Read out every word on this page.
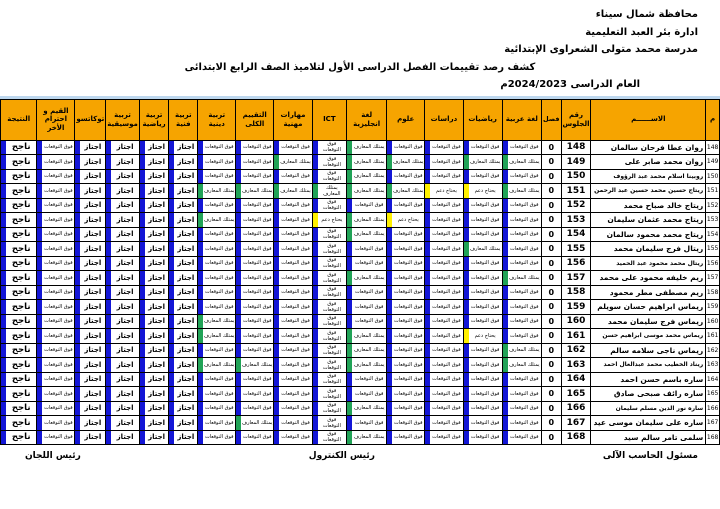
محافظة شمال سيناء
ادارة بئر العبد التعليمية
مدرسة محمد متولى الشعراوى الإبتدائية
كشف رصد تقييمات الفصل الدراسى الأول لتلاميذ الصف الرابع الابتدائى
العام الدراسى 2024/2023م
م	الاســــــم	رقم الجلوس	فصل	لغة عربية	رياضيات	دراسات	علوم	لغة انجليزية	ICT	مهارات مهنية	التقييم الكلى	تربية دينية	تربية فنية	تربية رياضية	تربية موسيقية	توكاتسو	القيم و احترام الأخر	النتيجة
148	روان عطا فرحان سالمان	148	0	فوق التوقعات	فوق التوقعات	فوق التوقعات	فوق التوقعات	يمتلك المعارف	فوق التوقعات	فوق التوقعات	فوق التوقعات	فوق التوقعات	اجتاز	اجتاز	اجتاز	اجتاز	فوق التوقعات	ناجح

149	روان محمد صابر على	149	0	يمتلك المعارف	يمتلك المعارف	فوق التوقعات	يمتلك المعارف	يمتلك المعارف	فوق التوقعات	يمتلك المعارف	فوق التوقعات	فوق التوقعات	اجتاز	اجتاز	اجتاز	اجتاز	فوق التوقعات	ناجح

150	روبينا اسلام محمد عبد الرؤوف	150	0	فوق التوقعات	فوق التوقعات	فوق التوقعات	فوق التوقعات	يمتلك المعارف	فوق التوقعات	فوق التوقعات	فوق التوقعات	فوق التوقعات	اجتاز	اجتاز	اجتاز	اجتاز	فوق التوقعات	ناجح

151	ريتاج حسين محمد حسين عبد الرحمن	151	0	يمتلك المعارف	يحتاج دعم	يحتاج دعم	يمتلك المعارف	يمتلك المعارف	يمتلك المعارف	يمتلك المعارف	يمتلك المعارف	يمتلك المعارف	اجتاز	اجتاز	اجتاز	اجتاز	فوق التوقعات	ناجح

152	ريتاج خالد صباح محمد	152	0	فوق التوقعات	فوق التوقعات	فوق التوقعات	فوق التوقعات	فوق التوقعات	فوق التوقعات	فوق التوقعات	فوق التوقعات	فوق التوقعات	اجتاز	اجتاز	اجتاز	اجتاز	فوق التوقعات	ناجح

153	ريتاج محمد عثمان سليمان	153	0	فوق التوقعات	فوق التوقعات	فوق التوقعات	يحتاج دعم	يمتلك المعارف	يحتاج دعم	فوق التوقعات	فوق التوقعات	يمتلك المعارف	اجتاز	اجتاز	اجتاز	اجتاز	فوق التوقعات	ناجح

154	ريتاج محمد محمود سالمان	154	0	فوق التوقعات	فوق التوقعات	فوق التوقعات	فوق التوقعات	يمتلك المعارف	فوق التوقعات	فوق التوقعات	فوق التوقعات	فوق التوقعات	اجتاز	اجتاز	اجتاز	اجتاز	فوق التوقعات	ناجح

155	ريتال فرج سليمان محمد	155	0	فوق التوقعات	يمتلك المعارف	فوق التوقعات	فوق التوقعات	فوق التوقعات	فوق التوقعات	فوق التوقعات	فوق التوقعات	فوق التوقعات	اجتاز	اجتاز	اجتاز	اجتاز	فوق التوقعات	ناجح

156	ريتال محمد محمود عبد الحميد	156	0	فوق التوقعات	فوق التوقعات	فوق التوقعات	فوق التوقعات	فوق التوقعات	فوق التوقعات	فوق التوقعات	فوق التوقعات	فوق التوقعات	اجتاز	اجتاز	اجتاز	اجتاز	فوق التوقعات	ناجح

157	ريم خليفه محمود على محمد	157	0	يمتلك المعارف	فوق التوقعات	فوق التوقعات	فوق التوقعات	يمتلك المعارف	فوق التوقعات	فوق التوقعات	فوق التوقعات	فوق التوقعات	اجتاز	اجتاز	اجتاز	اجتاز	فوق التوقعات	ناجح

158	ريم مصطفى مطر محمود	158	0	فوق التوقعات	فوق التوقعات	فوق التوقعات	فوق التوقعات	فوق التوقعات	فوق التوقعات	فوق التوقعات	فوق التوقعات	فوق التوقعات	اجتاز	اجتاز	اجتاز	اجتاز	فوق التوقعات	ناجح

159	ريماس ابراهيم حسان سويلم	159	0	فوق التوقعات	فوق التوقعات	فوق التوقعات	فوق التوقعات	فوق التوقعات	فوق التوقعات	فوق التوقعات	فوق التوقعات	فوق التوقعات	اجتاز	اجتاز	اجتاز	اجتاز	فوق التوقعات	ناجح

160	ريماس فرج سليمان محمد	160	0	فوق التوقعات	فوق التوقعات	فوق التوقعات	فوق التوقعات	فوق التوقعات	فوق التوقعات	فوق التوقعات	فوق التوقعات	يمتلك المعارف	اجتاز	اجتاز	اجتاز	اجتاز	فوق التوقعات	ناجح

161	ريماس محمد موسى ابراهيم حسن	161	0	فوق التوقعات	يحتاج دعم	فوق التوقعات	فوق التوقعات	يمتلك المعارف	فوق التوقعات	فوق التوقعات	فوق التوقعات	يمتلك المعارف	اجتاز	اجتاز	اجتاز	اجتاز	فوق التوقعات	ناجح

162	ريماس ناجى سلامه سالم	162	0	يمتلك المعارف	فوق التوقعات	فوق التوقعات	فوق التوقعات	يمتلك المعارف	فوق التوقعات	فوق التوقعات	فوق التوقعات	فوق التوقعات	اجتاز	اجتاز	اجتاز	اجتاز	فوق التوقعات	ناجح

163	ريناد الخطيب محمد عبدالعال احمد	163	0	يمتلك المعارف	فوق التوقعات	فوق التوقعات	فوق التوقعات	يمتلك المعارف	فوق التوقعات	فوق التوقعات	يمتلك المعارف	يمتلك المعارف	اجتاز	اجتاز	اجتاز	اجتاز	فوق التوقعات	ناجح

164	ساره باسم حسن احمد	164	0	فوق التوقعات	فوق التوقعات	فوق التوقعات	فوق التوقعات	فوق التوقعات	فوق التوقعات	فوق التوقعات	فوق التوقعات	فوق التوقعات	اجتاز	اجتاز	اجتاز	اجتاز	فوق التوقعات	ناجح

165	ساره رائف صبحى صادق	165	0	فوق التوقعات	فوق التوقعات	فوق التوقعات	فوق التوقعات	فوق التوقعات	فوق التوقعات	فوق التوقعات	فوق التوقعات	فوق التوقعات	اجتاز	اجتاز	اجتاز	اجتاز	فوق التوقعات	ناجح

166	ساره نور الدين مسلم سليمان	166	0	فوق التوقعات	فوق التوقعات	فوق التوقعات	فوق التوقعات	يمتلك المعارف	فوق التوقعات	فوق التوقعات	فوق التوقعات	فوق التوقعات	اجتاز	اجتاز	اجتاز	اجتاز	فوق التوقعات	ناجح

167	ساره على سليمان موسى عيد	167	0	فوق التوقعات	فوق التوقعات	فوق التوقعات	فوق التوقعات	فوق التوقعات	فوق التوقعات	فوق التوقعات	يمتلك المعارف	فوق التوقعات	اجتاز	اجتاز	اجتاز	اجتاز	فوق التوقعات	ناجح

168	سلمى تامر سالم سيد	168	0	فوق التوقعات	فوق التوقعات	فوق التوقعات	فوق التوقعات	يمتلك المعارف	فوق التوقعات	فوق التوقعات	فوق التوقعات	فوق التوقعات	اجتاز	اجتاز	اجتاز	اجتاز	فوق التوقعات	ناجح
مسئول الحاسب الآلى
رئيس الكنترول
رئيس اللجان
